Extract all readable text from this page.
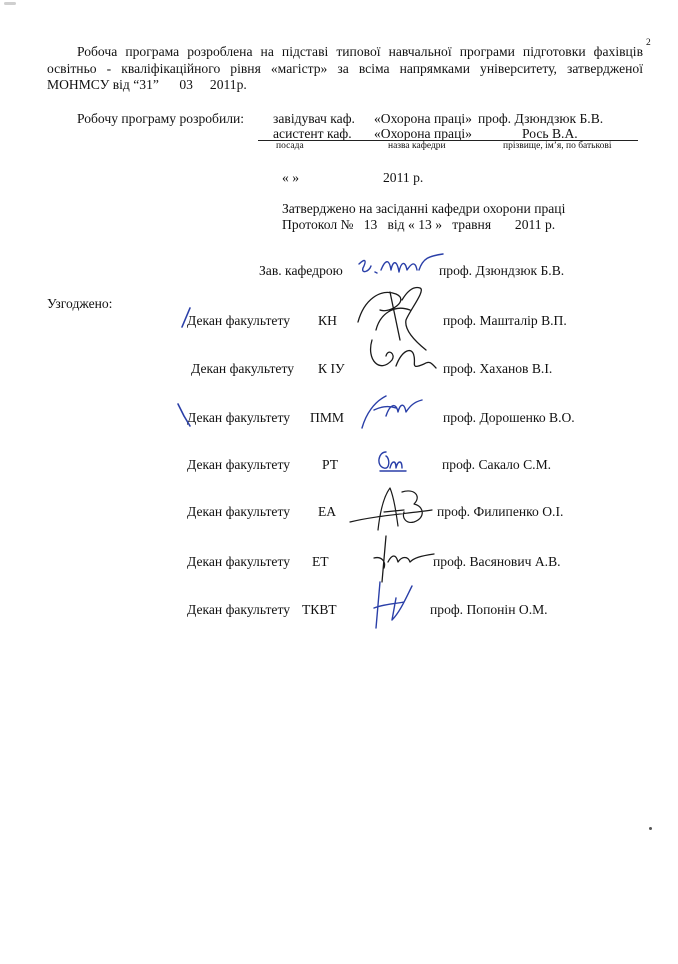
2
Робоча програма розроблена на підставі типової навчальної програми підготовки фахівців освітньо - кваліфікаційного рівня «магістр» за всіма напрямками університету, затвердженої МОНМСУ від “31” 03 2011р.
Робочу програму розробили: завідувач каф. «Охорона праці» проф. Дзюндзюк Б.В.
асистент каф. «Охорона праці»	Рось В.А.
посада	назва кафедри	прізвище, ім’я, по батькові
« »	2011 р.
Затверджено на засіданні кафедри охорони праці
Протокол № 13 від « 13 » травня 2011 р.
Зав. кафедрою	проф. Дзюндзюк Б.В.
Узгоджено:
Декан факультету КН	проф. Машталір В.П.
Декан факультету К ІУ	проф. Хаханов В.І.
Декан факультету ПММ	проф. Дорошенко В.О.
Декан факультету РТ	проф. Сакало С.М.
Декан факультету ЕА	проф. Филипенко О.І.
Декан факультету ЕТ	проф. Васянович А.В.
Декан факультету ТКВТ	проф. Попонін О.М.
